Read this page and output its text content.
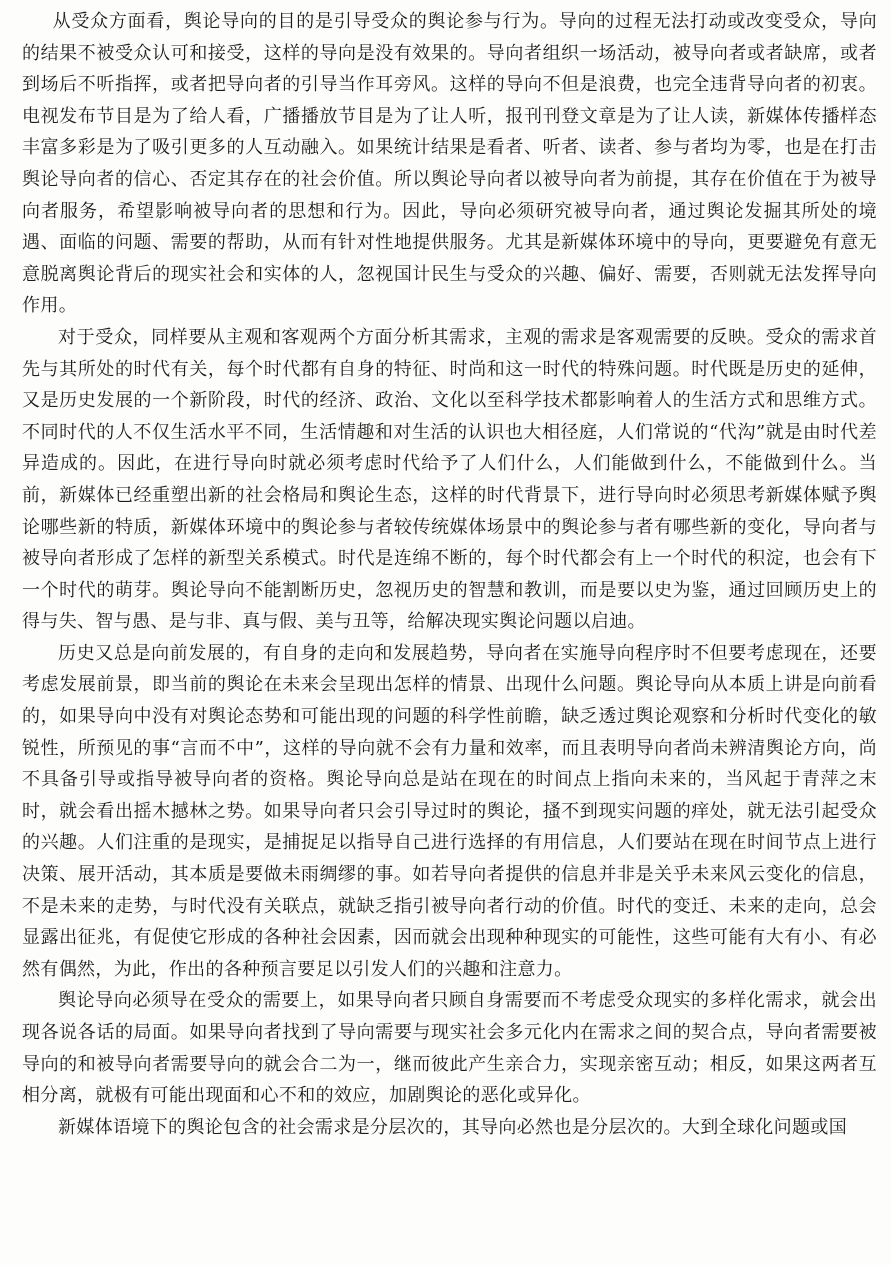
从受众方面看，舆论导向的目的是引导受众的舆论参与行为。导向的过程无法打动或改变受众，导向的结果不被受众认可和接受，这样的导向是没有效果的。导向者组织一场活动，被导向者或者缺席，或者到场后不听指挥，或者把导向者的引导当作耳旁风。这样的导向不但是浪费，也完全违背导向者的初衷。电视发布节目是为了给人看，广播播放节目是为了让人听，报刊刊登文章是为了让人读，新媒体传播样态丰富多彩是为了吸引更多的人互动融入。如果统计结果是看者、听者、读者、参与者均为零，也是在打击舆论导向者的信心、否定其存在的社会价值。所以舆论导向者以被导向者为前提，其存在价值在于为被导向者服务，希望影响被导向者的思想和行为。因此，导向必须研究被导向者，通过舆论发掘其所处的境遇、面临的问题、需要的帮助，从而有针对性地提供服务。尤其是新媒体环境中的导向，更要避免有意无意脱离舆论背后的现实社会和实体的人，忽视国计民生与受众的兴趣、偏好、需要，否则就无法发挥导向作用。

对于受众，同样要从主观和客观两个方面分析其需求，主观的需求是客观需要的反映。受众的需求首先与其所处的时代有关，每个时代都有自身的特征、时尚和这一时代的特殊问题。时代既是历史的延伸，又是历史发展的一个新阶段，时代的经济、政治、文化以至科学技术都影响着人的生活方式和思维方式。不同时代的人不仅生活水平不同，生活情趣和对生活的认识也大相径庭，人们常说的“代沟”就是由时代差异造成的。因此，在进行导向时就必须考虑时代给予了人们什么，人们能做到什么，不能做到什么。当前，新媒体已经重塑出新的社会格局和舆论生态，这样的时代背景下，进行导向时必须思考新媒体赋予舆论哪些新的特质，新媒体环境中的舆论参与者较传统媒体场景中的舆论参与者有哪些新的变化，导向者与被导向者形成了怎样的新型关系模式。时代是连绵不断的，每个时代都会有上一个时代的积淀，也会有下一个时代的萌芽。舆论导向不能割断历史，忽视历史的智慧和教训，而是要以史为鉴，通过回顾历史上的得与失、智与愚、是与非、真与假、美与丑等，给解决现实舆论问题以启迪。

历史又总是向前发展的，有自身的走向和发展趋势，导向者在实施导向程序时不但要考虑现在，还要考虑发展前景，即当前的舆论在未来会呈现出怎样的情景、出现什么问题。舆论导向从本质上讲是向前看的，如果导向中没有对舆论态势和可能出现的问题的科学性前瞻，缺乏透过舆论观察和分析时代变化的敏锐性，所预见的事“言而不中”，这样的导向就不会有力量和效率，而且表明导向者尚未辨清舆论方向，尚不具备引导或指导被导向者的资格。舆论导向总是站在现在的时间点上指向未来的，当风起于青萍之末时，就会看出摇木撼林之势。如果导向者只会引导过时的舆论，搔不到现实问题的痒处，就无法引起受众的兴趣。人们注重的是现实，是捕捉足以指导自己进行选择的有用信息，人们要站在现在时间节点上进行决策、展开活动，其本质是要做未雨绸缪的事。如若导向者提供的信息并非是关乎未来风云变化的信息，不是未来的走势，与时代没有关联点，就缺乏指引被导向者行动的价值。时代的变迁、未来的走向，总会显露出征兆，有促使它形成的各种社会因素，因而就会出现种种现实的可能性，这些可能有大有小、有必然有偶然，为此，作出的各种预言要足以引发人们的兴趣和注意力。

舆论导向必须导在受众的需要上，如果导向者只顾自身需要而不考虑受众现实的多样化需求，就会出现各说各话的局面。如果导向者找到了导向需要与现实社会多元化内在需求之间的契合点，导向者需要被导向的和被导向者需要导向的就会合二为一，继而彼此产生亲合力，实现亲密互动；相反，如果这两者互相分离，就极有可能出现面和心不和的效应，加剧舆论的恶化或异化。

新媒体语境下的舆论包含的社会需求是分层次的，其导向必然也是分层次的。大到全球化问题或国
